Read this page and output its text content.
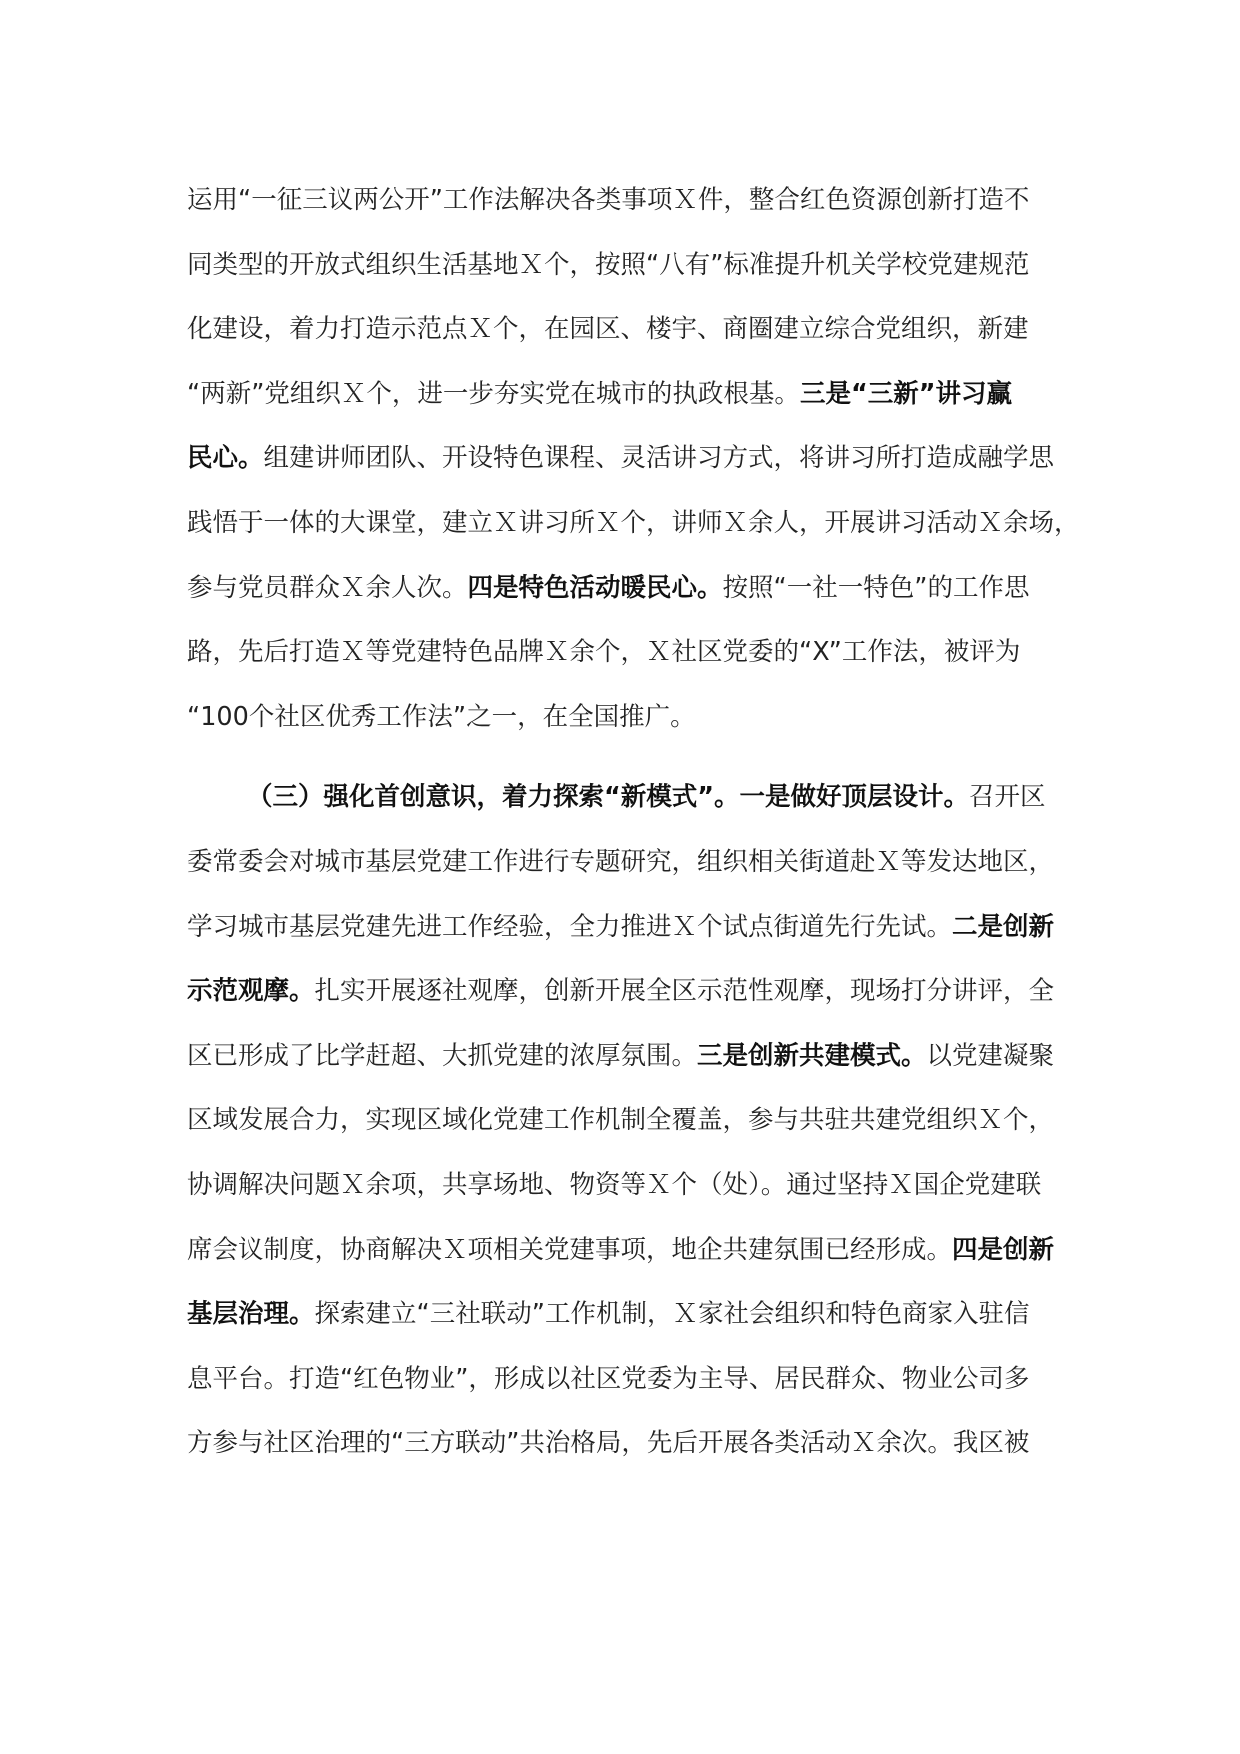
运用“一征三议两公开”工作法解决各类事项Ｘ件，整合红色资源创新打造不
同类型的开放式组织生活基地Ｘ个，按照“八有”标准提升机关学校党建规范
化建设，着力打造示范点Ｘ个，在园区、楼宇、商圈建立综合党组织，新建
“两新”党组织Ｘ个，进一步夯实党在城市的执政根基。三是“三新”讲习赢
民心。组建讲师团队、开设特色课程、灵活讲习方式，将讲习所打造成融学思
践悟于一体的大课堂，建立Ｘ讲习所Ｘ个，讲师Ｘ余人，开展讲习活动Ｘ余场，
参与党员群众Ｘ余人次。四是特色活动暖民心。按照“一社一特色”的工作思
路，先后打造Ｘ等党建特色品牌Ｘ余个，Ｘ社区党委的“X”工作法，被评为
“100个社区优秀工作法”之一，在全国推广。
（三）强化首创意识，着力探索“新模式”。一是做好顶层设计。召开区
委常委会对城市基层党建工作进行专题研究，组织相关街道赴Ｘ等发达地区，
学习城市基层党建先进工作经验，全力推进Ｘ个试点街道先行先试。二是创新
示范观摩。扎实开展逐社观摩，创新开展全区示范性观摩，现场打分讲评，全
区已形成了比学赶超、大抓党建的浓厚氛围。三是创新共建模式。以党建凝聚
区域发展合力，实现区域化党建工作机制全覆盖，参与共驻共建党组织Ｘ个，
协调解决问题Ｘ余项，共享场地、物资等Ｘ个（处）。通过坚持Ｘ国企党建联
席会议制度，协商解决Ｘ项相关党建事项，地企共建氛围已经形成。四是创新
基层治理。探索建立“三社联动”工作机制，Ｘ家社会组织和特色商家入驻信
息平台。打造“红色物业”，形成以社区党委为主导、居民群众、物业公司多
方参与社区治理的“三方联动”共治格局，先后开展各类活动Ｘ余次。我区被
